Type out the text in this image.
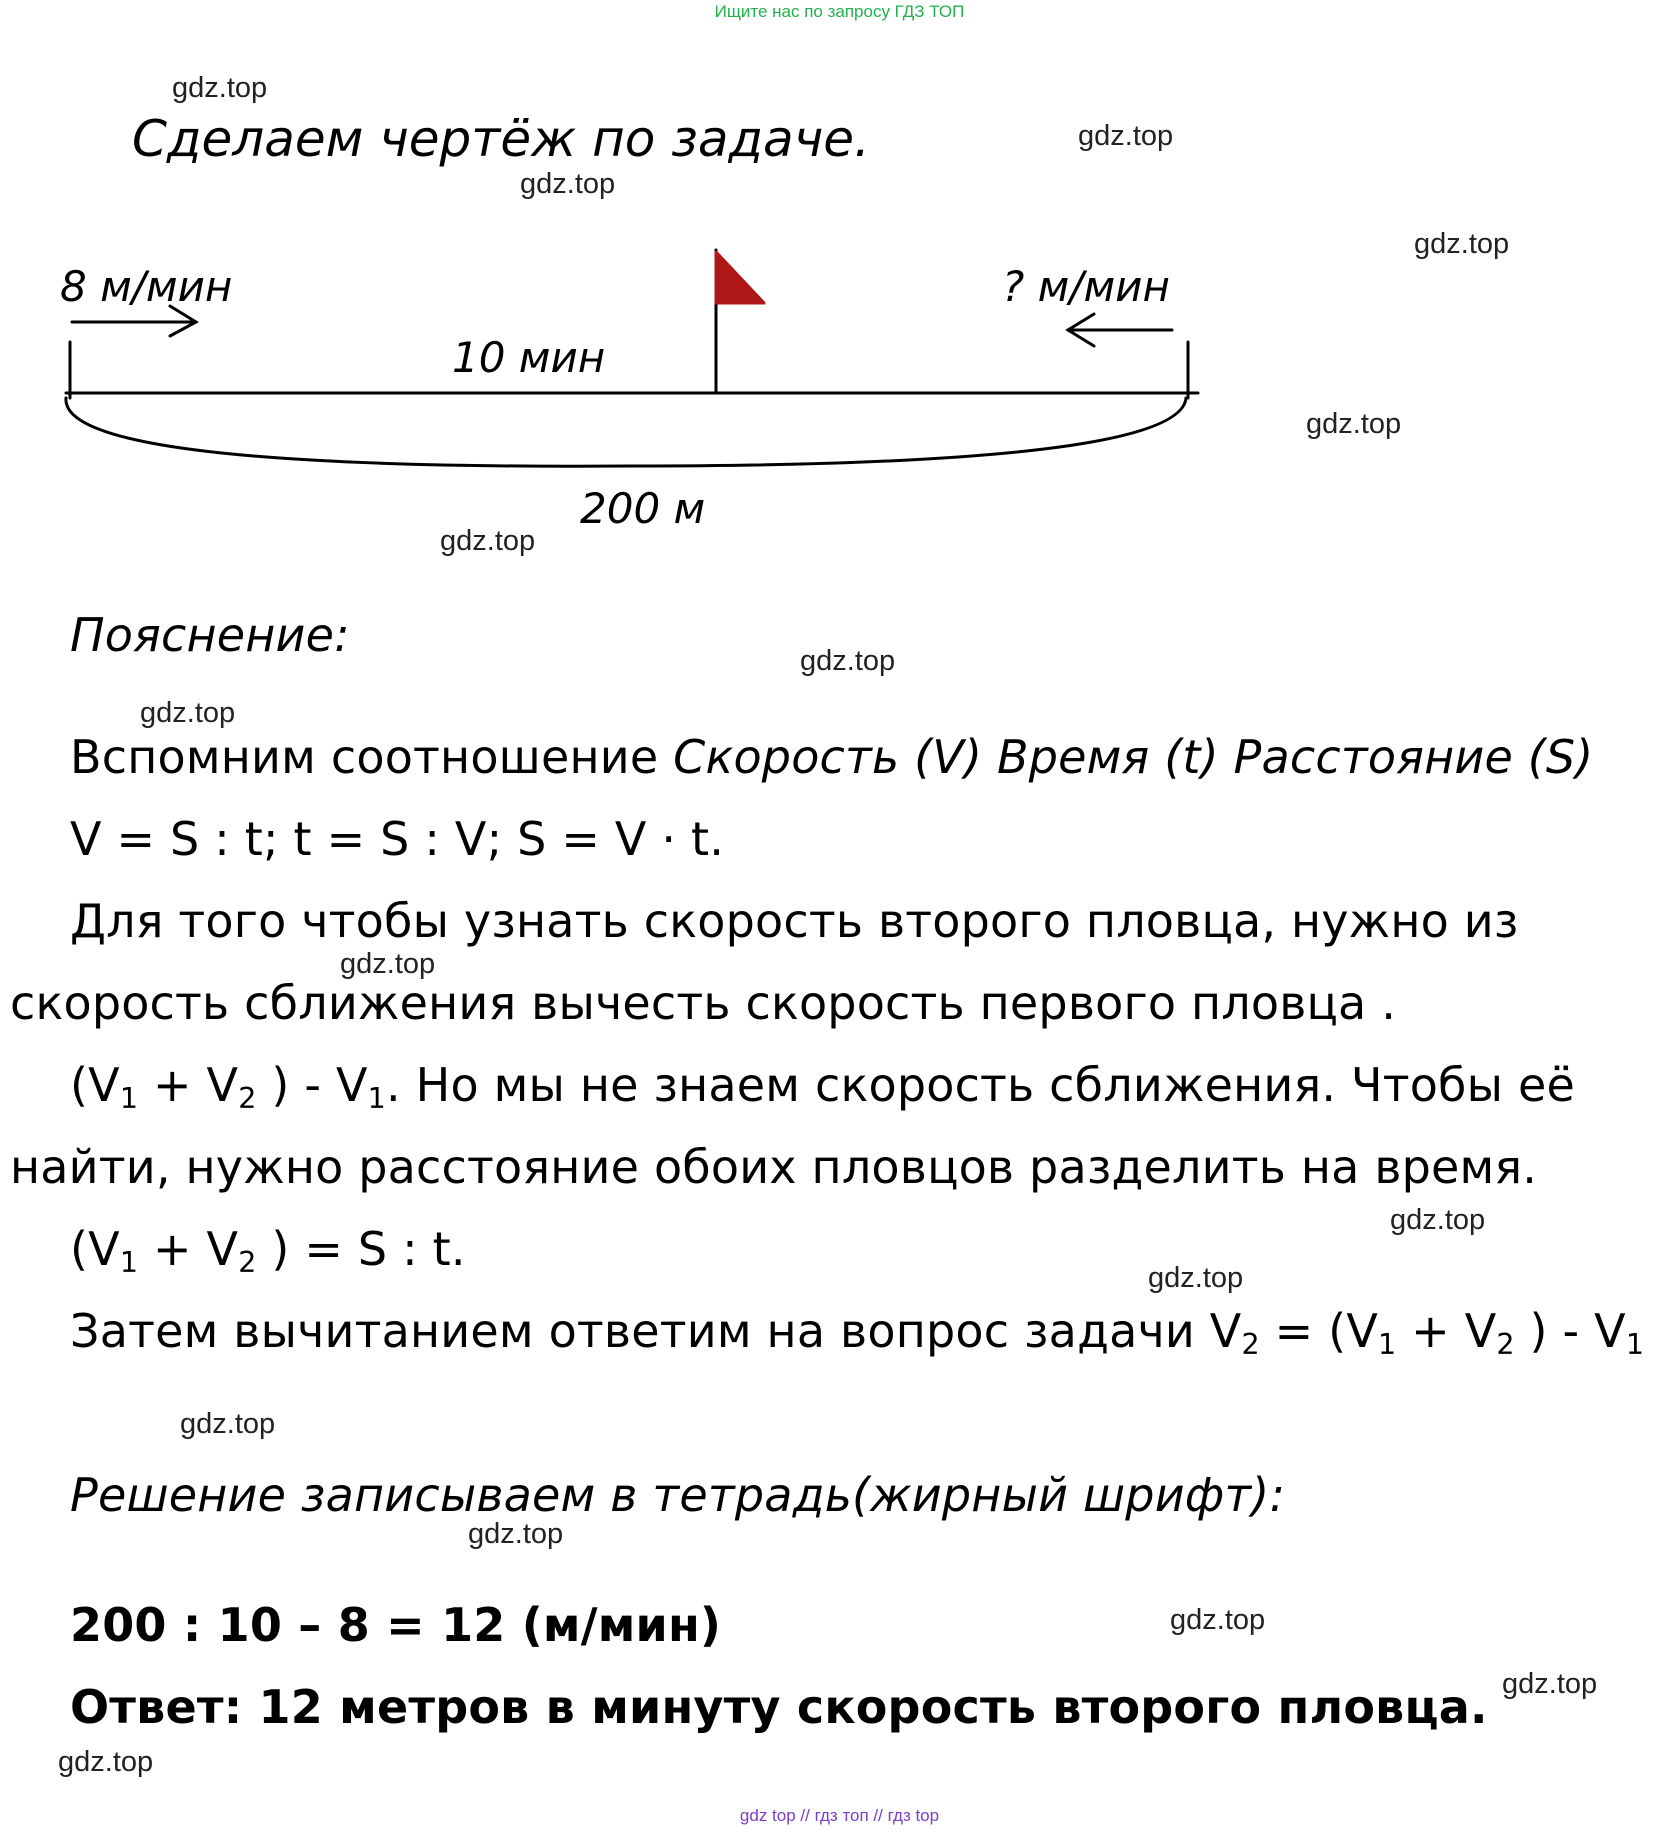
Ищите нас по запросу ГДЗ ТОП
gdz top // гдз топ // гдз top
gdz.top
gdz.top
gdz.top
gdz.top
gdz.top
gdz.top
gdz.top
gdz.top
gdz.top
gdz.top
gdz.top
gdz.top
gdz.top
gdz.top
gdz.top
gdz.top
Сделаем чертёж по задаче.
8 м/мин	? м/мин
10 мин
200 м
Пояснение:
Вспомним соотношение Скорость (V) Время (t) Расстояние (S)
V = S : t; t = S : V; S = V · t.
Для того чтобы узнать скорость второго пловца, нужно из
скорость сближения вычесть скорость первого пловца .
($V_1 + V_2$ ) - $V_1$. Но мы не знаем скорость сближения. Чтобы её
найти, нужно расстояние обоих пловцов разделить на время.
($V_1 + V_2$ ) = S : t.
Затем вычитанием ответим на вопрос задачи $V_2 = (V_1 + V_2$ ) - $V_1$
Решение записываем в тетрадь(жирный шрифт):
200 : 10 – 8 = 12 (м/мин)
Ответ: 12 метров в минуту скорость второго пловца.
